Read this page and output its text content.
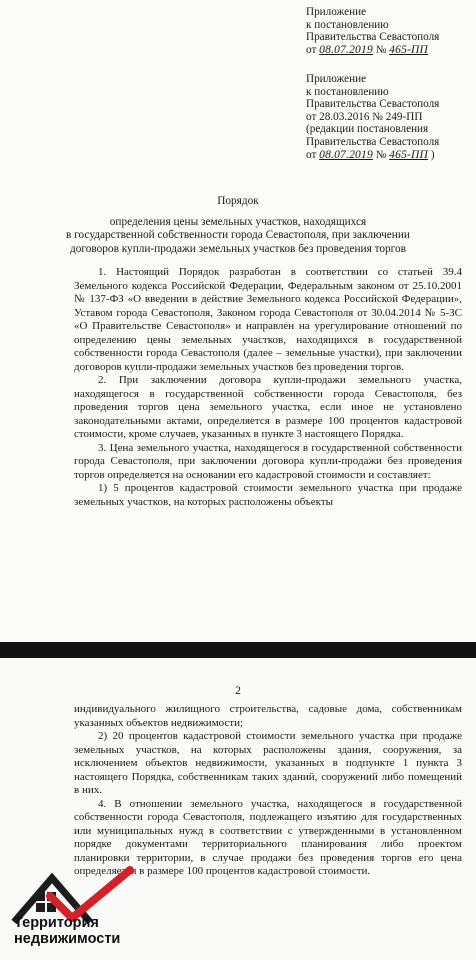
Приложение
к постановлению
Правительства Севастополя
от 08.07.2019 № 465-ПП
Приложение
к постановлению
Правительства Севастополя
от 28.03.2016 № 249-ПП
(редакции постановления
Правительства Севастополя
от 08.07.2019 № 465-ПП )
Порядок
определения цены земельных участков, находящихся
в государственной собственности города Севастополя, при заключении
договоров купли-продажи земельных участков без проведения торгов

1. Настоящий Порядок разработан в соответствии со статьей 39.4 Земельного кодекса Российской Федерации, Федеральным законом от 25.10.2001 № 137-ФЗ «О введении в действие Земельного кодекса Российской Федерации», Уставом города Севастополя, Законом города Севастополя от 30.04.2014 № 5-ЗС «О Правительстве Севастополя» и направлен на урегулирование отношений по определению цены земельных участков, находящихся в государственной собственности города Севастополя (далее – земельные участки), при заключении договоров купли-продажи земельных участков без проведения торгов.

2. При заключении договора купли-продажи земельного участка, находящегося в государственной собственности города Севастополя, без проведения торгов цена земельного участка, если иное не установлено законодательными актами, определяется в размере 100 процентов кадастровой стоимости, кроме случаев, указанных в пункте 3 настоящего Порядка.

3. Цена земельного участка, находящегося в государственной собственности города Севастополя, при заключении договора купли-продажи без проведения торгов определяется на основании его кадастровой стоимости и составляет:

1) 5 процентов кадастровой стоимости земельного участка при продаже земельных участков, на которых расположены объекты

2

индивидуального жилищного строительства, садовые дома, собственникам указанных объектов недвижимости;

2) 20 процентов кадастровой стоимости земельного участка при продаже земельных участков, на которых расположены здания, сооружения, за исключением объектов недвижимости, указанных в подпункте 1 пункта 3 настоящего Порядка, собственникам таких зданий, сооружений либо помещений в них.

4. В отношении земельного участка, находящегося в государственной собственности города Севастополя, подлежащего изъятию для государственных или муниципальных нужд в соответствии с утвержденными в установленном порядке документами территориального планирования либо проектом планировки территории, в случае продажи без проведения торгов его цена определяется в размере 100 процентов кадастровой стоимости.

Территория
недвижимости
